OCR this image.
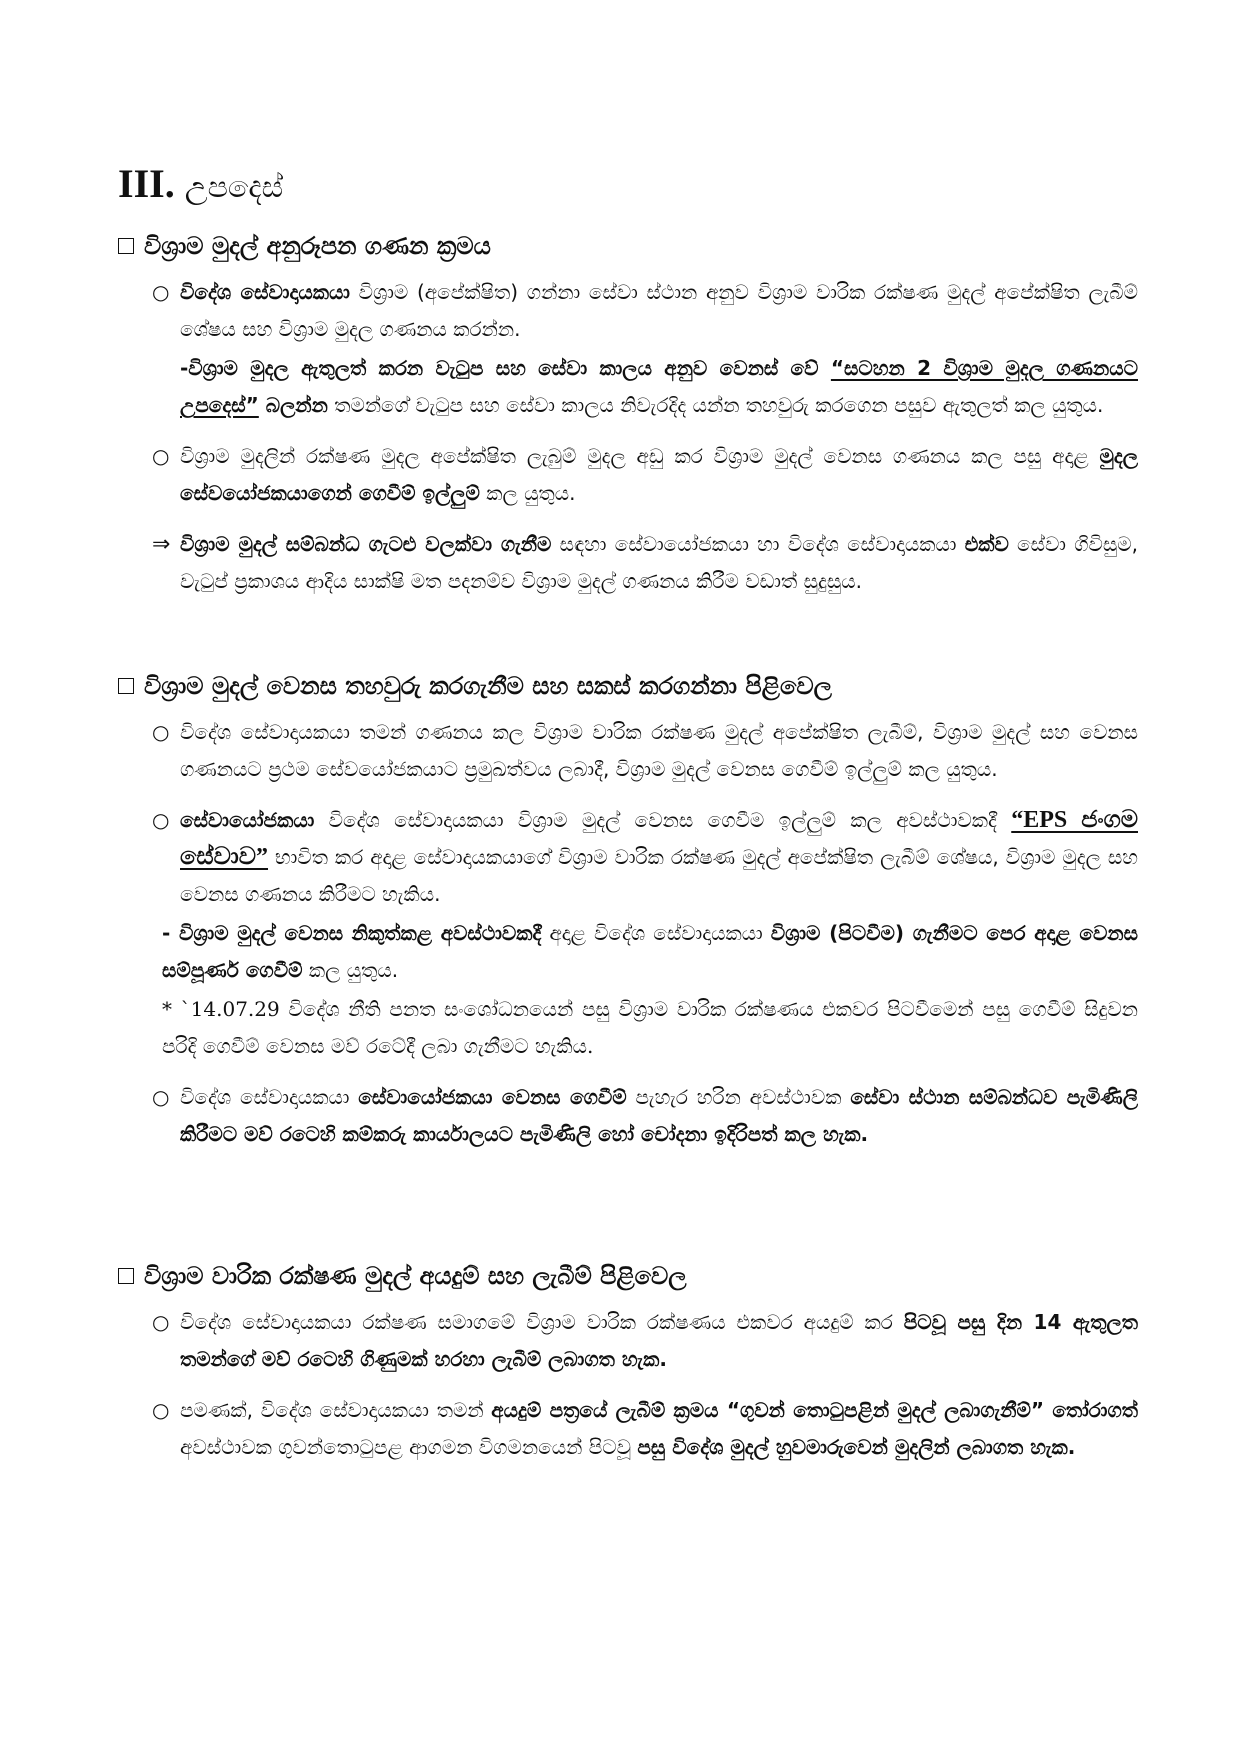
III. උපදෙස්
විශ්‍රාම මුදල් අනුරූපන ගණන ක්‍රමය
○ විදේශ සේවාදායකයා විශ්‍රාම (අපේක්ෂිත) ගන්නා සේවා ස්ථාන අනුව විශ්‍රාම වාරික රක්ෂණ මුදල් අපේක්ෂිත ලැබීම් ශේෂය සහ විශ්‍රාම මුදල ගණනය කරන්න.
-විශ්‍රාම මුදල ඇතුලත් කරන වැටුප සහ සේවා කාලය අනුව වෙනස් වේ “සටහන 2 විශ්‍රාම මුදල ගණනයට උපදෙස්” බලන්න තමන්ගේ වැටුප සහ සේවා කාලය නිවැරදිද යන්න තහවුරු කරගෙන පසුව ඇතුලත් කල යුතුය.
○ විශ්‍රාම මුදලින් රක්ෂණ මුදල අපේක්ෂිත ලැබුම් මුදල අඩු කර විශ්‍රාම මුදල් වෙනස ගණනය කල පසු අදාළ මුදල සේවයෝජකයාගෙන් ගෙවීම් ඉල්ලුම් කල යුතුය.
⇒ විශ්‍රාම මුදල් සම්බන්ධ ගැටළු වලක්වා ගැනීම සඳහා සේවායෝජකයා හා විදේශ සේවාදායකයා එක්ව සේවා ගිවිසුම, වැටුප් ප්‍රකාශය ආදිය සාක්ෂි මත පදනම්ව විශ්‍රාම මුදල් ගණනය කිරීම වඩාත් සුදුසුය.
විශ්‍රාම මුදල් වෙනස තහවුරු කරගැනීම සහ සකස් කරගන්නා පිළිවෙල
○ විදේශ සේවාදායකයා තමන් ගණනය කල විශ්‍රාම වාරික රක්ෂණ මුදල් අපේක්ෂිත ලැබීම්, විශ්‍රාම මුදල් සහ වෙනස ගණනයට ප්‍රථම සේවයෝජකයාට ප්‍රමුඛත්වය ලබාදී, විශ්‍රාම මුදල් වෙනස ගෙවීම් ඉල්ලුම් කල යුතුය.
○ සේවායෝජකයා විදේශ සේවාදායකයා විශ්‍රාම මුදල් වෙනස ගෙවීම ඉල්ලුම් කල අවස්ථාවකදී “EPS ජංගම සේවාව” භාවිත කර අදාළ සේවාදායකයාගේ විශ්‍රාම වාරික රක්ෂණ මුදල් අපේක්ෂිත ලැබීම් ශේෂය, විශ්‍රාම මුදල සහ වෙනස ගණනය කිරීමට හැකිය.
- විශ්‍රාම මුදල් වෙනස නිකුත්කළ අවස්ථාවකදී අදාළ විදේශ සේවාදායකයා විශ්‍රාම (පිටවීම) ගැනීමට පෙර අදාළ වෙනස සම්පූර්ණ ගෙවීම් කල යුතුය.
* `14.07.29 විදේශ නීති පනත සංශෝධනයෙන් පසු විශ්‍රාම වාරික රක්ෂණය එකවර පිටවීමෙන් පසු ගෙවීම් සිදුවන පරිදි ගෙවීම් වෙනස මව් රටේදී ලබා ගැනීමට හැකිය.
○ විදේශ සේවාදායකයා සේවායෝජකයා වෙනස ගෙවීම් පැහැර හරින අවස්ථාවක සේවා ස්ථාන සම්බන්ධව පැමිණිලි කිරීමට මව් රටෙහි කම්කරු කාර්යාලයට පැමිණිලි හෝ චෝදනා ඉදිරිපත් කල හැක.
විශ්‍රාම වාරික රක්ෂණ මුදල් අයදුම් සහ ලැබීම් පිළිවෙල
○ විදේශ සේවාදායකයා රක්ෂණ සමාගමේ විශ්‍රාම වාරික රක්ෂණය එකවර අයදුම් කර පිටවූ පසු දින 14 ඇතුලත තමන්ගේ මව් රටෙහි ගිණුමක් හරහා ලැබීම් ලබාගත හැක.
○ පමණක්, විදේශ සේවාදායකයා තමන් අයදුම් පත්‍රයේ ලැබීම් ක්‍රමය “ගුවන් තොටුපළින් මුදල් ලබාගැනීම්” තෝරාගත් අවස්ථාවක ගුවන්තොටුපළ ආගමන විගමනයෙන් පිටවූ පසු විදේශ මුදල් හුවමාරුවෙන් මුදලින් ලබාගත හැක.
